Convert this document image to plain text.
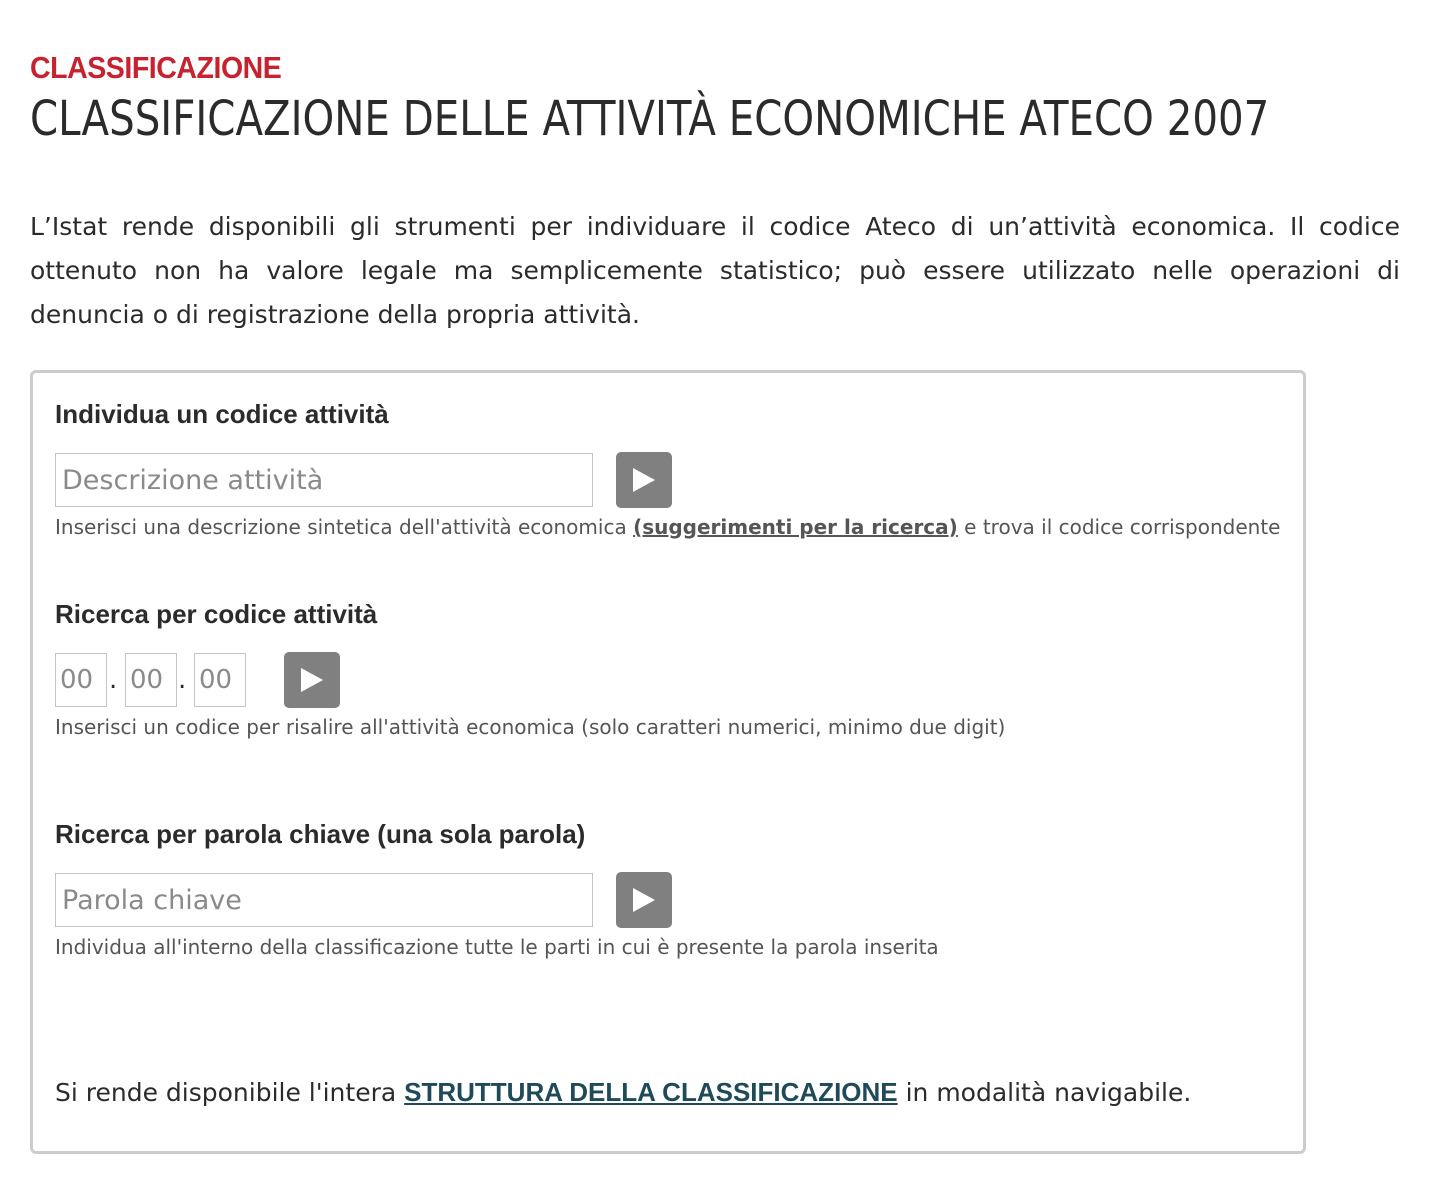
CLASSIFICAZIONE
CLASSIFICAZIONE DELLE ATTIVITÀ ECONOMICHE ATECO 2007

L’Istat rende disponibili gli strumenti per individuare il codice Ateco di un’attività economica. Il codice ottenuto non ha valore legale ma semplicemente statistico; può essere utilizzato nelle operazioni di denuncia o di registrazione della propria attività.

Individua un codice attività
Descrizione attività

Inserisci una descrizione sintetica dell'attività economica (suggerimenti per la ricerca) e trova il codice corrispondente

Ricerca per codice attività
00
.
00 .
00

Inserisci un codice per risalire all'attività economica (solo caratteri numerici, minimo due digit)

Ricerca per parola chiave (una sola parola)
Parola chiave

Individua all'interno della classificazione tutte le parti in cui è presente la parola inserita

Si rende disponibile l'intera STRUTTURA DELLA CLASSIFICAZIONE in modalità navigabile.
